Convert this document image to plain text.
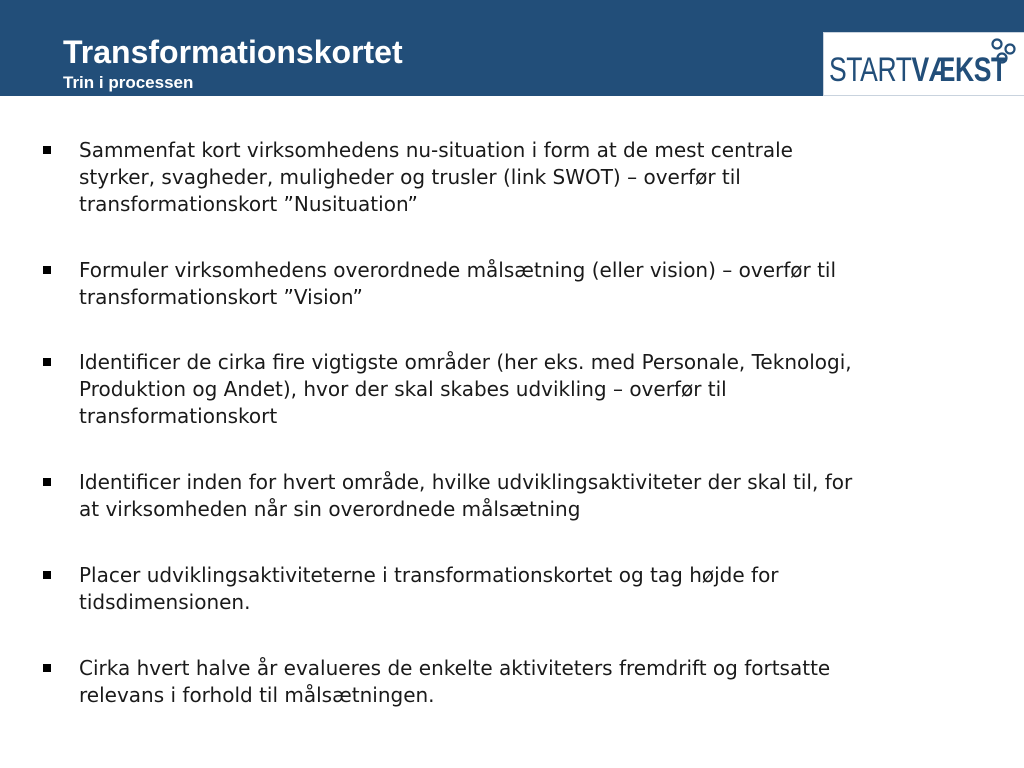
Transformationskortet
Trin i processen	STARTVÆKST
Sammenfat kort virksomhedens nu-situation i form at de mest centrale
styrker, svagheder, muligheder og trusler (link SWOT) – overfør til
transformationskort ”Nusituation”
Formuler virksomhedens overordnede målsætning (eller vision) – overfør til
transformationskort ”Vision”
Identificer de cirka fire vigtigste områder (her eks. med Personale, Teknologi,
Produktion og Andet), hvor der skal skabes udvikling – overfør til
transformationskort
Identificer inden for hvert område, hvilke udviklingsaktiviteter der skal til, for
at virksomheden når sin overordnede målsætning
Placer udviklingsaktiviteterne i transformationskortet og tag højde for
tidsdimensionen.
Cirka hvert halve år evalueres de enkelte aktiviteters fremdrift og fortsatte
relevans i forhold til målsætningen.
